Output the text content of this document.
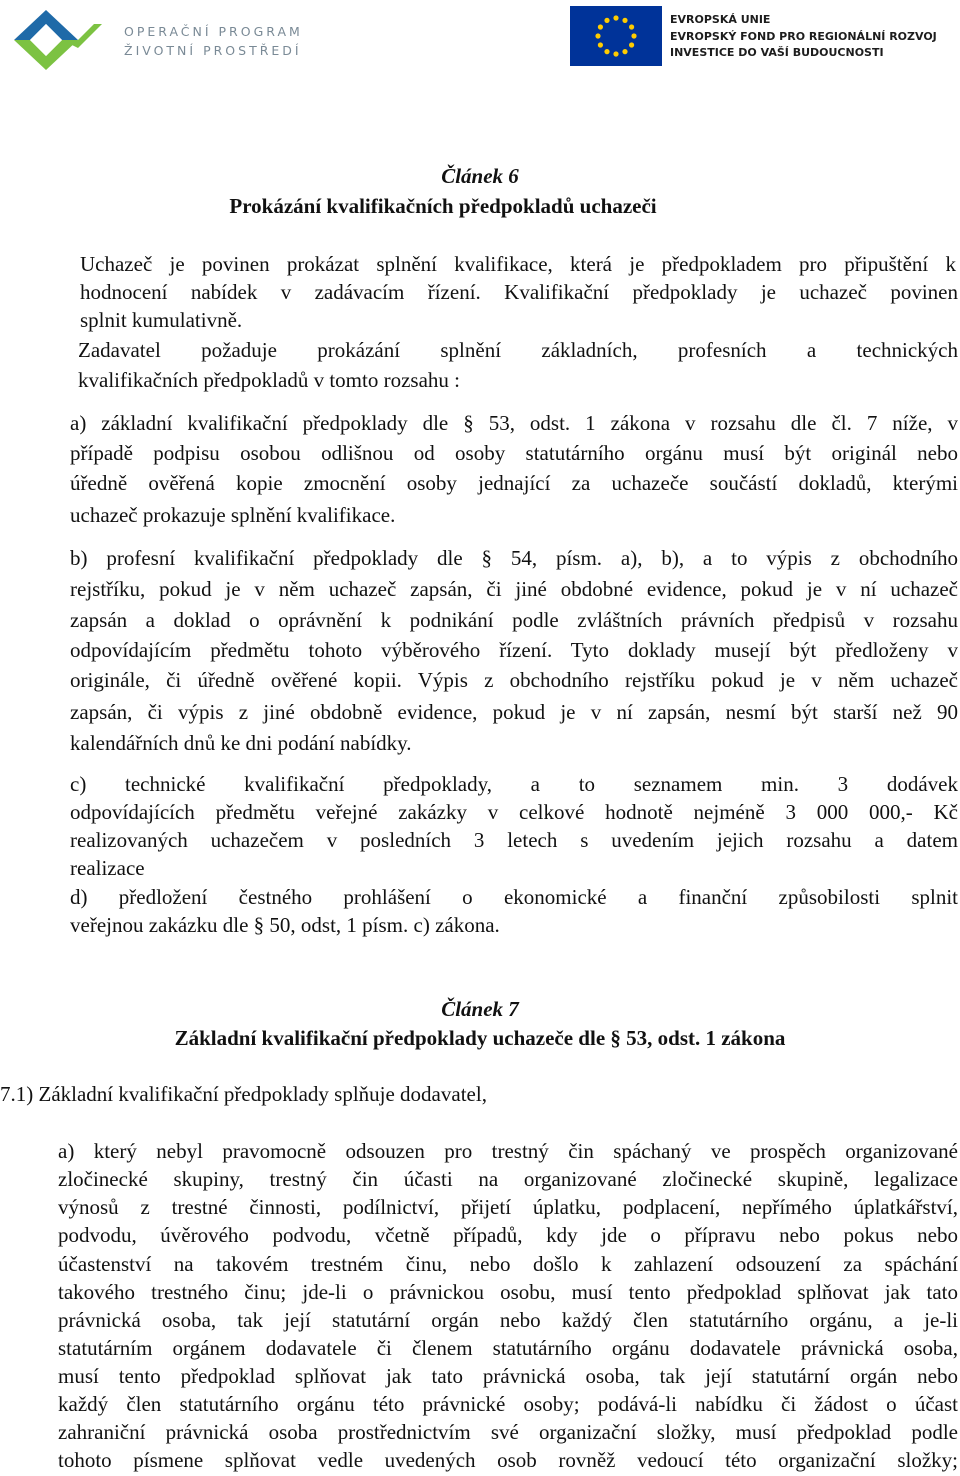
OPERAČNÍ PROGRAM
ŽIVOTNÍ PROSTŘEDÍ
EVROPSKÁ UNIE
EVROPSKÝ FOND PRO REGIONÁLNÍ ROZVOJ
INVESTICE DO VAŠÍ BUDOUCNOSTI
Článek 6
Prokázání kvalifikačních předpokladů uchazeči
Uchazeč je povinen prokázat splnění kvalifikace, která je předpokladem pro připuštění k
hodnocení nabídek v zadávacím řízení. Kvalifikační předpoklady je uchazeč povinen
splnit kumulativně.
Zadavatel požaduje prokázání splnění základních, profesních a technických
kvalifikačních předpokladů v tomto rozsahu :
a) základní kvalifikační předpoklady dle § 53, odst. 1 zákona v rozsahu dle čl. 7 níže, v
případě podpisu osobou odlišnou od osoby statutárního orgánu musí být originál nebo
úředně ověřená kopie zmocnění osoby jednající za uchazeče součástí dokladů, kterými
uchazeč prokazuje splnění kvalifikace.
b) profesní kvalifikační předpoklady dle § 54, písm. a), b), a to výpis z obchodního
rejstříku, pokud je v něm uchazeč zapsán, či jiné obdobné evidence, pokud je v ní uchazeč
zapsán a doklad o oprávnění k podnikání podle zvláštních právních předpisů v rozsahu
odpovídajícím předmětu tohoto výběrového řízení. Tyto doklady musejí být předloženy v
originále, či úředně ověřené kopii. Výpis z obchodního rejstříku pokud je v něm uchazeč
zapsán, či výpis z jiné obdobně evidence, pokud je v ní zapsán, nesmí být starší než 90
kalendářních dnů ke dni podání nabídky.
c) technické kvalifikační předpoklady, a to seznamem min. 3 dodávek
odpovídajících předmětu veřejné zakázky v celkové hodnotě nejméně 3 000 000,- Kč
realizovaných uchazečem v posledních 3 letech s uvedením jejich rozsahu a datem
realizace
d) předložení čestného prohlášení o ekonomické a finanční způsobilosti splnit
veřejnou zakázku dle § 50, odst, 1 písm. c) zákona.
Článek 7
Základní kvalifikační předpoklady uchazeče dle § 53, odst. 1 zákona
7.1) Základní kvalifikační předpoklady splňuje dodavatel,
a) který nebyl pravomocně odsouzen pro trestný čin spáchaný ve prospěch organizované
zločinecké skupiny, trestný čin účasti na organizované zločinecké skupině, legalizace
výnosů z trestné činnosti, podílnictví, přijetí úplatku, podplacení, nepřímého úplatkářství,
podvodu, úvěrového podvodu, včetně případů, kdy jde o přípravu nebo pokus nebo
účastenství na takovém trestném činu, nebo došlo k zahlazení odsouzení za spáchání
takového trestného činu; jde-li o právnickou osobu, musí tento předpoklad splňovat jak tato
právnická osoba, tak její statutární orgán nebo každý člen statutárního orgánu, a je-li
statutárním orgánem dodavatele či členem statutárního orgánu dodavatele právnická osoba,
musí tento předpoklad splňovat jak tato právnická osoba, tak její statutární orgán nebo
každý člen statutárního orgánu této právnické osoby; podává-li nabídku či žádost o účast
zahraniční právnická osoba prostřednictvím své organizační složky, musí předpoklad podle
tohoto písmene splňovat vedle uvedených osob rovněž vedoucí této organizační složky;
